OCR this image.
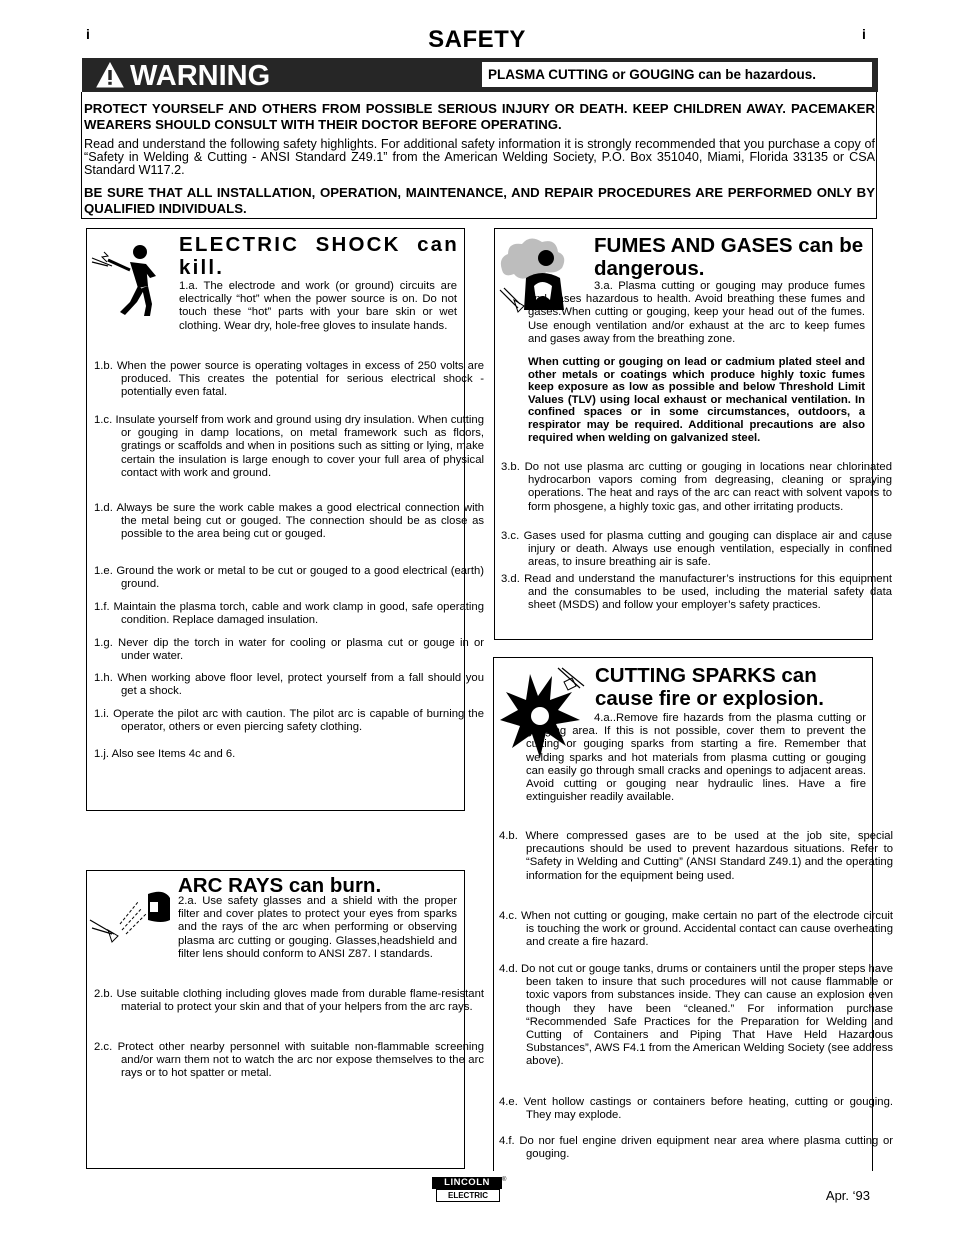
i	i
SAFETY
WARNING	PLASMA CUTTING or GOUGING can be hazardous.
PROTECT YOURSELF AND OTHERS FROM POSSIBLE SERIOUS INJURY OR DEATH. KEEP CHILDREN AWAY. PACEMAKER WEARERS SHOULD CONSULT WITH THEIR DOCTOR BEFORE OPERATING.
Read and understand the following safety highlights. For additional safety information it is strongly recommended that you purchase a copy of “Safety in Welding & Cutting - ANSI Standard Z49.1” from the American Welding Society, P.O. Box 351040, Miami, Florida 33135 or CSA Standard W117.2.
BE SURE THAT ALL INSTALLATION, OPERATION, MAINTENANCE, AND REPAIR PROCEDURES ARE PERFORMED ONLY BY QUALIFIED INDIVIDUALS.
ELECTRIC SHOCK can kill.
1.a. The electrode and work (or ground) circuits are electrically “hot” when the power source is on. Do not touch these “hot” parts with your bare skin or wet clothing. Wear dry, hole-free gloves to insulate hands.
1.b. When the power source is operating voltages in excess of 250 volts are produced. This creates the potential for serious electrical shock - potentially even fatal.
1.c. Insulate yourself from work and ground using dry insulation. When cutting or gouging in damp locations, on metal framework such as floors, gratings or scaffolds and when in positions such as sitting or lying, make certain the insulation is large enough to cover your full area of physical contact with work and ground.
1.d. Always be sure the work cable makes a good electrical connection with the metal being cut or gouged. The connection should be as close as possible to the area being cut or gouged.
1.e. Ground the work or metal to be cut or gouged to a good electrical (earth) ground.
1.f. Maintain the plasma torch, cable and work clamp in good, safe operating condition. Replace damaged insulation.
1.g. Never dip the torch in water for cooling or plasma cut or gouge in or under water.
1.h. When working above floor level, protect yourself from a fall should you get a shock.
1.i. Operate the pilot arc with caution. The pilot arc is capable of burning the operator, others or even piercing safety clothing.
1.j. Also see Items 4c and 6.
ARC RAYS can burn.
2.a. Use safety glasses and a shield with the proper filter and cover plates to protect your eyes from sparks and the rays of the arc when performing or observing plasma arc cutting or gouging. Glasses,headshield and filter lens should conform to ANSI Z87. I standards.
2.b. Use suitable clothing including gloves made from durable flame-resistant material to protect your skin and that of your helpers from the arc rays.
2.c. Protect other nearby personnel with suitable non-flammable screening and/or warn them not to watch the arc nor expose themselves to the arc rays or to hot spatter or metal.
FUMES AND GASES can be dangerous.
3.a. Plasma cutting or gouging may produce fumes and gases hazardous to health. Avoid breathing these fumes and gases.When cutting or gouging, keep your head out of the fumes. Use enough ventilation and/or exhaust at the arc to keep fumes and gases away from the breathing zone.
When cutting or gouging on lead or cadmium plated steel and other metals or coatings which produce highly toxic fumes keep exposure as low as possible and below Threshold Limit Values (TLV) using local exhaust or mechanical ventilation. In confined spaces or in some circumstances, outdoors, a respirator may be required. Additional precautions are also required when welding on galvanized steel.
3.b. Do not use plasma arc cutting or gouging in locations near chlorinated hydrocarbon vapors coming from degreasing, cleaning or spraying operations. The heat and rays of the arc can react with solvent vapors to form phosgene, a highly toxic gas, and other irritating products.
3.c. Gases used for plasma cutting and gouging can displace air and cause injury or death. Always use enough ventilation, especially in confined areas, to insure breathing air is safe.
3.d. Read and understand the manufacturer’s instructions for this equipment and the consumables to be used, including the material safety data sheet (MSDS) and follow your employer’s safety practices.
CUTTING SPARKS can cause fire or explosion.
4.a..Remove fire hazards from the plasma cutting or gouging area. If this is not possible, cover them to prevent the cutting or gouging sparks from starting a fire. Remember that welding sparks and hot materials from plasma cutting or gouging can easily go through small cracks and openings to adjacent areas. Avoid cutting or gouging near hydraulic lines. Have a fire extinguisher readily available.
4.b. Where compressed gases are to be used at the job site, special precautions should be used to prevent hazardous situations. Refer to “Safety in Welding and Cutting” (ANSI Standard Z49.1) and the operating information for the equipment being used.
4.c. When not cutting or gouging, make certain no part of the electrode circuit is touching the work or ground. Accidental contact can cause overheating and create a fire hazard.
4.d. Do not cut or gouge tanks, drums or containers until the proper steps have been taken to insure that such procedures will not cause flammable or toxic vapors from substances inside. They can cause an explosion even though they have been “cleaned.” For information purchase “Recommended Safe Practices for the Preparation for Welding and Cutting of Containers and Piping That Have Held Hazardous Substances”, AWS F4.1 from the American Welding Society (see address above).
4.e. Vent hollow castings or containers before heating, cutting or gouging. They may explode.
4.f. Do nor fuel engine driven equipment near area where plasma cutting or gouging.
LINCOLN
ELECTRIC
®
Apr. ‘93
